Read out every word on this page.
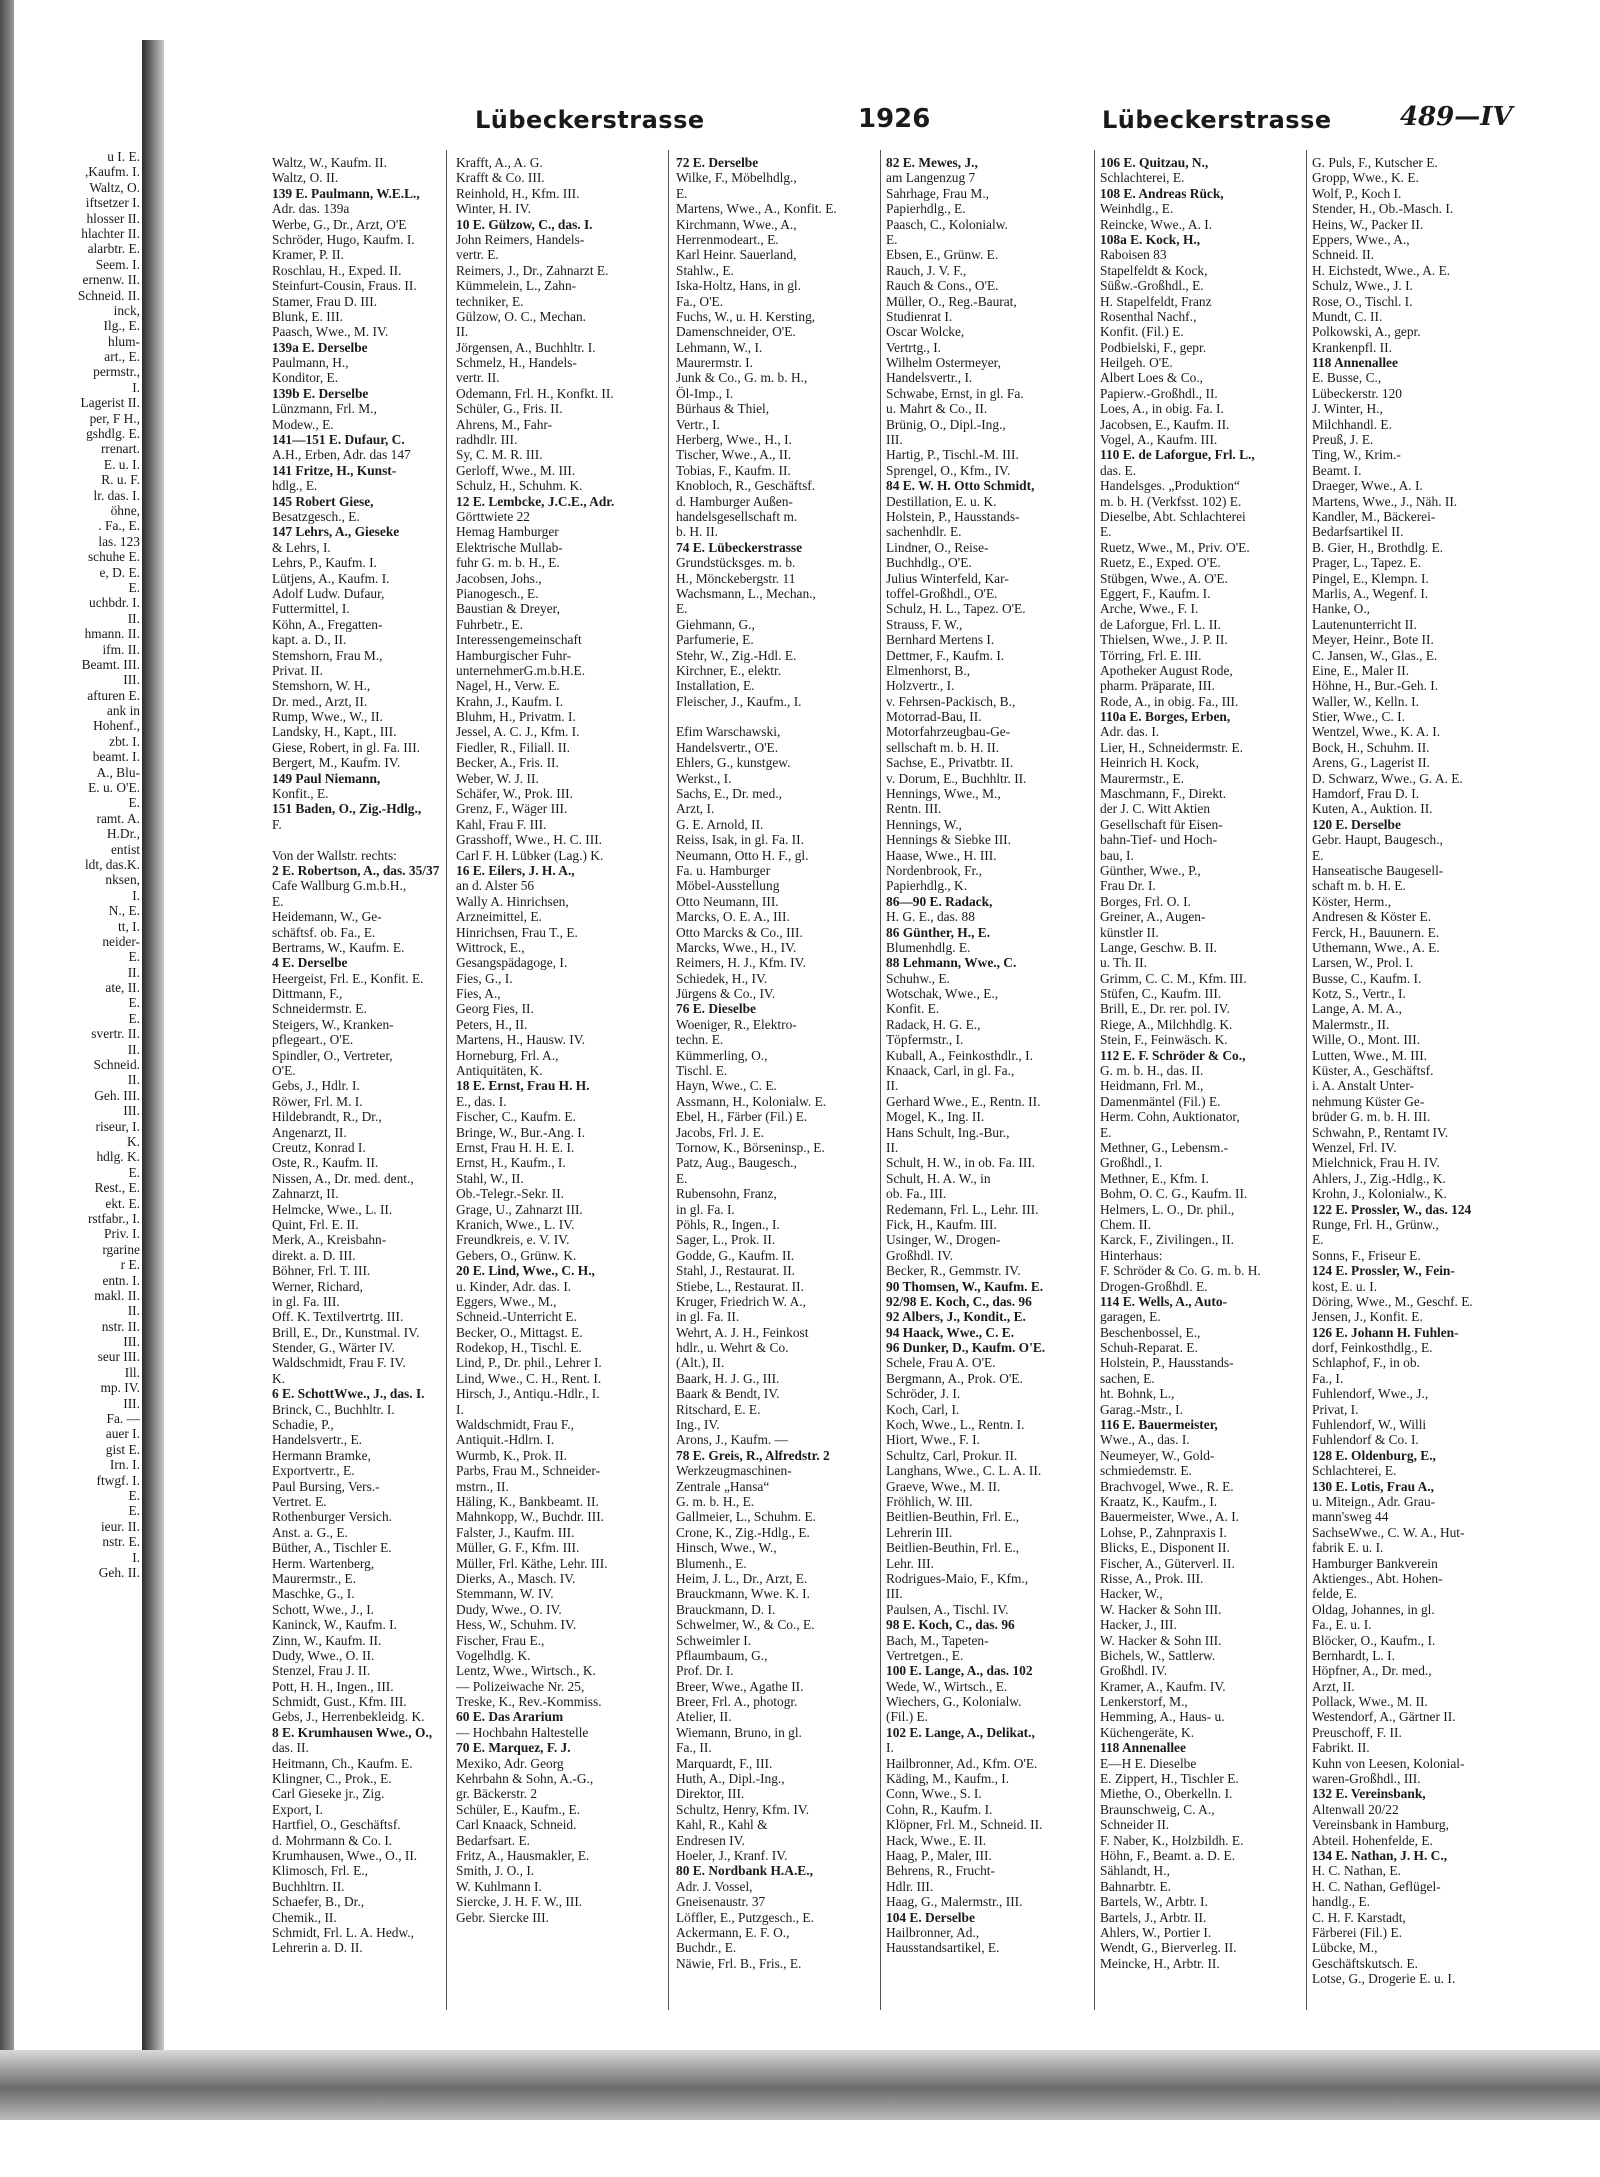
u I. E.
,Kaufm. I.
Waltz, O.
iftsetzer I.
hlosser II.
hlachter II.
alarbtr. E.
Seem. I.
ernenw. II.
Schneid. II.
inck,
Ilg., E.
hlum-
art., E.
permstr.,
I.
Lagerist II.
per, F H.,
gshdlg. E.
rrenart.
E. u. I.
R. u. F.
lr. das. I.
öhne,
. Fa., E.
las. 123
schuhe E.
e, D. E.
E.
uchbdr. I.
II.
hmann. II.
ifm. II.
Beamt. III.
III.
afturen E.
ank in
Hohenf.,
zbt. I.
beamt. I.
A., Blu-
E. u. O'E.
E.
ramt. A.
H.Dr.,
entist
ldt, das.K.
nksen,
I.
N., E.
tt, I.
neider-
E.
II.
ate, II.
E.
E.
svertr. II.
II.
Schneid.
II.
Geh. III.
III.
riseur, I.
K.
hdlg. K.
E.
Rest., E.
ekt. E.
rstfabr., I.
Priv. I.
rgarine
r E.
entn. I.
makl. II.
II.
nstr. II.
III.
seur III.
Ill.
mp. IV.
III.
Fa. —
auer I.
gist E.
Irn. I.
ftwgf. I.
E.
E.
ieur. II.
nstr. E.
I.
Geh. II.
Lübeckerstrasse	1926	Lübeckerstrasse	489—IV
Waltz, W., Kaufm. II.
Waltz, O. II.
139 E. Paulmann, W.E.L.,
Adr. das. 139a
Werbe, G., Dr., Arzt, O'E
Schröder, Hugo, Kaufm. I.
Kramer, P. II.
Roschlau, H., Exped. II.
Steinfurt-Cousin, Fraus. II.
Stamer, Frau D. III.
Blunk, E. III.
Paasch, Wwe., M. IV.
139a E. Derselbe
Paulmann, H.,
Konditor, E.
139b E. Derselbe
Lünzmann, Frl. M.,
Modew., E.
141—151 E. Dufaur, C.
A.H., Erben, Adr. das 147
141 Fritze, H., Kunst-
hdlg., E.
145 Robert Giese,
Besatzgesch., E.
147 Lehrs, A., Gieseke
& Lehrs, I.
Lehrs, P., Kaufm. I.
Lütjens, A., Kaufm. I.
Adolf Ludw. Dufaur,
Futtermittel, I.
Köhn, A., Fregatten-
kapt. a. D., II.
Stemshorn, Frau M.,
Privat. II.
Stemshorn, W. H.,
Dr. med., Arzt, II.
Rump, Wwe., W., II.
Landsky, H., Kapt., III.
Giese, Robert, in gl. Fa. III.
Bergert, M., Kaufm. IV.
149 Paul Niemann,
Konfit., E.
151 Baden, O., Zig.-Hdlg.,
F.
Von der Wallstr. rechts:
2 E. Robertson, A., das. 35/37
Cafe Wallburg G.m.b.H.,
E.
Heidemann, W., Ge-
schäftsf. ob. Fa., E.
Bertrams, W., Kaufm. E.
4 E. Derselbe
Heergeist, Frl. E., Konfit. E.
Dittmann, F.,
Schneidermstr. E.
Steigers, W., Kranken-
pflegeart., O'E.
Spindler, O., Vertreter,
O'E.
Gebs, J., Hdlr. I.
Röwer, Frl. M. I.
Hildebrandt, R., Dr.,
Angenarzt, II.
Creutz, Konrad I.
Oste, R., Kaufm. II.
Nissen, A., Dr. med. dent.,
Zahnarzt, II.
Helmcke, Wwe., L. II.
Quint, Frl. E. II.
Merk, A., Kreisbahn-
direkt. a. D. III.
Böhner, Frl. T. III.
Werner, Richard,
in gl. Fa. III.
Off. K. Textilvertrtg. III.
Brill, E., Dr., Kunstmal. IV.
Stender, G., Wärter IV.
Waldschmidt, Frau F. IV.
K.
6 E. SchottWwe., J., das. I.
Brinck, C., Buchhltr. I.
Schadie, P.,
Handelsvertr., E.
Hermann Bramke,
Exportvertr., E.
Paul Bursing, Vers.-
Vertret. E.
Rothenburger Versich.
Anst. a. G., E.
Büther, A., Tischler E.
Herm. Wartenberg,
Maurermstr., E.
Maschke, G., I.
Schott, Wwe., J., I.
Kaninck, W., Kaufm. I.
Zinn, W., Kaufm. II.
Dudy, Wwe., O. II.
Stenzel, Frau J. II.
Pott, H. H., Ingen., III.
Schmidt, Gust., Kfm. III.
Gebs, J., Herrenbekleidg. K.
8 E. Krumhausen Wwe., O.,
das. II.
Heitmann, Ch., Kaufm. E.
Klingner, C., Prok., E.
Carl Gieseke jr., Zig.
Export, I.
Hartfiel, O., Geschäftsf.
d. Mohrmann & Co. I.
Krumhausen, Wwe., O., II.
Klimosch, Frl. E.,
Buchhltrn. II.
Schaefer, B., Dr.,
Chemik., II.
Schmidt, Frl. L. A. Hedw.,
Lehrerin a. D. II.
Krafft, A., A. G.
Krafft & Co. III.
Reinhold, H., Kfm. III.
Winter, H. IV.
10 E. Gülzow, C., das. I.
John Reimers, Handels-
vertr. E.
Reimers, J., Dr., Zahnarzt E.
Kümmelein, L., Zahn-
techniker, E.
Gülzow, O. C., Mechan.
II.
Jörgensen, A., Buchhltr. I.
Schmelz, H., Handels-
vertr. II.
Odemann, Frl. H., Konfkt. II.
Schüler, G., Fris. II.
Ahrens, M., Fahr-
radhdlr. III.
Sy, C. M. R. III.
Gerloff, Wwe., M. III.
Schulz, H., Schuhm. K.
12 E. Lembcke, J.C.E., Adr.
Görttwiete 22
Hemag Hamburger
Elektrische Mullab-
fuhr G. m. b. H., E.
Jacobsen, Johs.,
Pianogesch., E.
Baustian & Dreyer,
Fuhrbetr., E.
Interessengemeinschaft
Hamburgischer Fuhr-
unternehmerG.m.b.H.E.
Nagel, H., Verw. E.
Krahn, J., Kaufm. I.
Bluhm, H., Privatm. I.
Jessel, A. C. J., Kfm. I.
Fiedler, R., Filiall. II.
Becker, A., Fris. II.
Weber, W. J. II.
Schäfer, W., Prok. III.
Grenz, F., Wäger III.
Kahl, Frau F. III.
Grasshoff, Wwe., H. C. III.
Carl F. H. Lübker (Lag.) K.
16 E. Eilers, J. H. A.,
an d. Alster 56
Wally A. Hinrichsen,
Arzneimittel, E.
Hinrichsen, Frau T., E.
Wittrock, E.,
Gesangspädagoge, I.
Fies, G., I.
Fies, A.,
Georg Fies, II.
Peters, H., II.
Martens, H., Hausw. IV.
Horneburg, Frl. A.,
Antiquitäten, K.
18 E. Ernst, Frau H. H.
E., das. I.
Fischer, C., Kaufm. E.
Bringe, W., Bur.-Ang. I.
Ernst, Frau H. H. E. I.
Ernst, H., Kaufm., I.
Stahl, W., II.
Ob.-Telegr.-Sekr. II.
Grage, U., Zahnarzt III.
Kranich, Wwe., L. IV.
Freundkreis, e. V. IV.
Gebers, O., Grünw. K.
20 E. Lind, Wwe., C. H.,
u. Kinder, Adr. das. I.
Eggers, Wwe., M.,
Schneid.-Unterricht E.
Becker, O., Mittagst. E.
Rodekop, H., Tischl. E.
Lind, P., Dr. phil., Lehrer I.
Lind, Wwe., C. H., Rent. I.
Hirsch, J., Antiqu.-Hdlr., I.
I.
Waldschmidt, Frau F.,
Antiquit.-Hdlrn. I.
Wurmb, K., Prok. II.
Parbs, Frau M., Schneider-
mstrn., II.
Häling, K., Bankbeamt. II.
Mahnkopp, W., Buchdr. III.
Falster, J., Kaufm. III.
Müller, G. F., Kfm. III.
Müller, Frl. Käthe, Lehr. III.
Dierks, A., Masch. IV.
Stemmann, W. IV.
Dudy, Wwe., O. IV.
Hess, W., Schuhm. IV.
Fischer, Frau E.,
Vogelhdlg. K.
Lentz, Wwe., Wirtsch., K.
— Polizeiwache Nr. 25,
Treske, K., Rev.-Kommiss.
60 E. Das Ararium
— Hochbahn Haltestelle
70 E. Marquez, F. J.
Mexiko, Adr. Georg
Kehrbahn & Sohn, A.-G.,
gr. Bäckerstr. 2
Schüler, E., Kaufm., E.
Carl Knaack, Schneid.
Bedarfsart. E.
Fritz, A., Hausmakler, E.
Smith, J. O., I.
W. Kuhlmann I.
Siercke, J. H. F. W., III.
Gebr. Siercke III.
72 E. Derselbe
Wilke, F., Möbelhdlg.,
E.
Martens, Wwe., A., Konfit. E.
Kirchmann, Wwe., A.,
Herrenmodeart., E.
Karl Heinr. Sauerland,
Stahlw., E.
Iska-Holtz, Hans, in gl.
Fa., O'E.
Fuchs, W., u. H. Kersting,
Damenschneider, O'E.
Lehmann, W., I.
Maurermstr. I.
Junk & Co., G. m. b. H.,
Öl-Imp., I.
Bürhaus & Thiel,
Vertr., I.
Herberg, Wwe., H., I.
Tischer, Wwe., A., II.
Tobias, F., Kaufm. II.
Knobloch, R., Geschäftsf.
d. Hamburger Außen-
handelsgesellschaft m.
b. H. II.
74 E. Lübeckerstrasse
Grundstücksges. m. b.
H., Mönckebergstr. 11
Wachsmann, L., Mechan.,
E.
Giehmann, G.,
Parfumerie, E.
Stehr, W., Zig.-Hdl. E.
Kirchner, E., elektr.
Installation, E.
Fleischer, J., Kaufm., I.
Efim Warschawski,
Handelsvertr., O'E.
Ehlers, G., kunstgew.
Werkst., I.
Sachs, E., Dr. med.,
Arzt, I.
G. E. Arnold, II.
Reiss, Isak, in gl. Fa. II.
Neumann, Otto H. F., gl.
Fa. u. Hamburger
Möbel-Ausstellung
Otto Neumann, III.
Marcks, O. E. A., III.
Otto Marcks & Co., III.
Marcks, Wwe., H., IV.
Reimers, H. J., Kfm. IV.
Schiedek, H., IV.
Jürgens & Co., IV.
76 E. Dieselbe
Woeniger, R., Elektro-
techn. E.
Kümmerling, O.,
Tischl. E.
Hayn, Wwe., C. E.
Assmann, H., Kolonialw. E.
Ebel, H., Färber (Fil.) E.
Jacobs, Frl. J. E.
Tornow, K., Börseninsp., E.
Patz, Aug., Baugesch.,
E.
Rubensohn, Franz,
in gl. Fa. I.
Pöhls, R., Ingen., I.
Sager, L., Prok. II.
Godde, G., Kaufm. II.
Stahl, J., Restaurat. II.
Stiebe, L., Restaurat. II.
Kruger, Friedrich W. A.,
in gl. Fa. II.
Wehrt, A. J. H., Feinkost
hdlr., u. Wehrt & Co.
(Alt.), II.
Baark, H. J. G., III.
Baark & Bendt, IV.
Ritschard, E. E.
Ing., IV.
Arons, J., Kaufm. —
78 E. Greis, R., Alfredstr. 2
Werkzeugmaschinen-
Zentrale „Hansa“
G. m. b. H., E.
Gallmeier, L., Schuhm. E.
Crone, K., Zig.-Hdlg., E.
Hinsch, Wwe., W.,
Blumenh., E.
Heim, J. L., Dr., Arzt, E.
Brauckmann, Wwe. K. I.
Brauckmann, D. I.
Schwelmer, W., & Co., E.
Schweimler I.
Pflaumbaum, G.,
Prof. Dr. I.
Breer, Wwe., Agathe II.
Breer, Frl. A., photogr.
Atelier, II.
Wiemann, Bruno, in gl.
Fa., II.
Marquardt, F., III.
Huth, A., Dipl.-Ing.,
Direktor, III.
Schultz, Henry, Kfm. IV.
Kahl, R., Kahl &
Endresen IV.
Hoeler, J., Kranf. IV.
80 E. Nordbank H.A.E.,
Adr. J. Vossel,
Gneisenaustr. 37
Löffler, E., Putzgesch., E.
Ackermann, E. F. O.,
Buchdr., E.
Näwie, Frl. B., Fris., E.
82 E. Mewes, J.,
am Langenzug 7
Sahrhage, Frau M.,
Papierhdlg., E.
Paasch, C., Kolonialw.
E.
Ebsen, E., Grünw. E.
Rauch, J. V. F.,
Rauch & Cons., O'E.
Müller, O., Reg.-Baurat,
Studienrat I.
Oscar Wolcke,
Vertrtg., I.
Wilhelm Ostermeyer,
Handelsvertr., I.
Schwabe, Ernst, in gl. Fa.
u. Mahrt & Co., II.
Brünig, O., Dipl.-Ing.,
III.
Hartig, P., Tischl.-M. III.
Sprengel, O., Kfm., IV.
84 E. W. H. Otto Schmidt,
Destillation, E. u. K.
Holstein, P., Hausstands-
sachenhdlr. E.
Lindner, O., Reise-
Buchhdlg., O'E.
Julius Winterfeld, Kar-
toffel-Großhdl., O'E.
Schulz, H. L., Tapez. O'E.
Strauss, F. W.,
Bernhard Mertens I.
Dettmer, F., Kaufm. I.
Elmenhorst, B.,
Holzvertr., I.
v. Fehrsen-Packisch, B.,
Motorrad-Bau, II.
Motorfahrzeugbau-Ge-
sellschaft m. b. H. II.
Sachse, E., Privatbtr. II.
v. Dorum, E., Buchhltr. II.
Hennings, Wwe., M.,
Rentn. III.
Hennings, W.,
Hennings & Siebke III.
Haase, Wwe., H. III.
Nordenbrook, Fr.,
Papierhdlg., K.
86—90 E. Radack,
H. G. E., das. 88
86 Günther, H., E.
Blumenhdlg. E.
88 Lehmann, Wwe., C.
Schuhw., E.
Wotschak, Wwe., E.,
Konfit. E.
Radack, H. G. E.,
Töpfermstr., I.
Kuball, A., Feinkosthdlr., I.
Knaack, Carl, in gl. Fa.,
II.
Gerhard Wwe., E., Rentn. II.
Mogel, K., Ing. II.
Hans Schult, Ing.-Bur.,
II.
Schult, H. W., in ob. Fa. III.
Schult, H. A. W., in
ob. Fa., III.
Redemann, Frl. L., Lehr. III.
Fick, H., Kaufm. III.
Usinger, W., Drogen-
Großhdl. IV.
Becker, R., Gemmstr. IV.
90 Thomsen, W., Kaufm. E.
92/98 E. Koch, C., das. 96
92 Albers, J., Kondit., E.
94 Haack, Wwe., C. E.
96 Dunker, D., Kaufm. O'E.
Schele, Frau A. O'E.
Bergmann, A., Prok. O'E.
Schröder, J. I.
Koch, Carl, I.
Koch, Wwe., L., Rentn. I.
Hiort, Wwe., F. I.
Schultz, Carl, Prokur. II.
Langhans, Wwe., C. L. A. II.
Graeve, Wwe., M. II.
Fröhlich, W. III.
Beitlien-Beuthin, Frl. E.,
Lehrerin III.
Beitlien-Beuthin, Frl. E.,
Lehr. III.
Rodrigues-Maio, F., Kfm.,
III.
Paulsen, A., Tischl. IV.
98 E. Koch, C., das. 96
Bach, M., Tapeten-
Vertretgen., E.
100 E. Lange, A., das. 102
Wede, W., Wirtsch., E.
Wiechers, G., Kolonialw.
(Fil.) E.
102 E. Lange, A., Delikat.,
I.
Hailbronner, Ad., Kfm. O'E.
Käding, M., Kaufm., I.
Conn, Wwe., S. I.
Cohn, R., Kaufm. I.
Klöpner, Frl. M., Schneid. II.
Hack, Wwe., E. II.
Haag, P., Maler, III.
Behrens, R., Frucht-
Hdlr. III.
Haag, G., Malermstr., III.
104 E. Derselbe
Hailbronner, Ad.,
Hausstandsartikel, E.
106 E. Quitzau, N.,
Schlachterei, E.
108 E. Andreas Rück,
Weinhdlg., E.
Reincke, Wwe., A. I.
108a E. Kock, H.,
Raboisen 83
Stapelfeldt & Kock,
Süßw.-Großhdl., E.
H. Stapelfeldt, Franz
Rosenthal Nachf.,
Konfit. (Fil.) E.
Podbielski, F., gepr.
Heilgeh. O'E.
Albert Loes & Co.,
Papierw.-Großhdl., II.
Loes, A., in obig. Fa. I.
Jacobsen, E., Kaufm. II.
Vogel, A., Kaufm. III.
110 E. de Laforgue, Frl. L.,
das. E.
Handelsges. „Produktion“
m. b. H. (Verkfsst. 102) E.
Dieselbe, Abt. Schlachterei
E.
Ruetz, Wwe., M., Priv. O'E.
Ruetz, E., Exped. O'E.
Stübgen, Wwe., A. O'E.
Eggert, F., Kaufm. I.
Arche, Wwe., F. I.
de Laforgue, Frl. L. II.
Thielsen, Wwe., J. P. II.
Törring, Frl. E. III.
Apotheker August Rode,
pharm. Präparate, III.
Rode, A., in obig. Fa., III.
110a E. Borges, Erben,
Adr. das. I.
Lier, H., Schneidermstr. E.
Heinrich H. Kock,
Maurermstr., E.
Maschmann, F., Direkt.
der J. C. Witt Aktien
Gesellschaft für Eisen-
bahn-Tief- und Hoch-
bau, I.
Günther, Wwe., P.,
Frau Dr. I.
Borges, Frl. O. I.
Greiner, A., Augen-
künstler II.
Lange, Geschw. B. II.
u. Th. II.
Grimm, C. C. M., Kfm. III.
Stüfen, C., Kaufm. III.
Brill, E., Dr. rer. pol. IV.
Riege, A., Milchhdlg. K.
Stein, F., Feinwäsch. K.
112 E. F. Schröder & Co.,
G. m. b. H., das. II.
Heidmann, Frl. M.,
Damenmäntel (Fil.) E.
Herm. Cohn, Auktionator,
E.
Methner, G., Lebensm.-
Großhdl., I.
Methner, E., Kfm. I.
Bohm, O. C. G., Kaufm. II.
Helmers, L. O., Dr. phil.,
Chem. II.
Karck, F., Zivilingen., II.
Hinterhaus:
F. Schröder & Co. G. m. b. H.
Drogen-Großhdl. E.
114 E. Wells, A., Auto-
garagen, E.
Beschenbossel, E.,
Schuh-Reparat. E.
Holstein, P., Hausstands-
sachen, E.
ht. Bohnk, L.,
Garag.-Mstr., I.
116 E. Bauermeister,
Wwe., A., das. I.
Neumeyer, W., Gold-
schmiedemstr. E.
Brachvogel, Wwe., R. E.
Kraatz, K., Kaufm., I.
Bauermeister, Wwe., A. I.
Lohse, P., Zahnpraxis I.
Blicks, E., Disponent II.
Fischer, A., Güterverl. II.
Risse, A., Prok. III.
Hacker, W.,
W. Hacker & Sohn III.
Hacker, J., III.
W. Hacker & Sohn III.
Bichels, W., Sattlerw.
Großhdl. IV.
Kramer, A., Kaufm. IV.
Lenkerstorf, M.,
Hemming, A., Haus- u.
Küchengeräte, K.
118 Annenallee
E—H E. Dieselbe
E. Zippert, H., Tischler E.
Miethe, O., Oberkelln. I.
Braunschweig, C. A.,
Schneider II.
F. Naber, K., Holzbildh. E.
Höhn, F., Beamt. a. D. E.
Sählandt, H.,
Bahnarbtr. E.
Bartels, W., Arbtr. I.
Bartels, J., Arbtr. II.
Ahlers, W., Portier I.
Wendt, G., Bierverleg. II.
Meincke, H., Arbtr. II.
G. Puls, F., Kutscher E.
Gropp, Wwe., K. E.
Wolf, P., Koch I.
Stender, H., Ob.-Masch. I.
Heins, W., Packer II.
Eppers, Wwe., A.,
Schneid. II.
H. Eichstedt, Wwe., A. E.
Schulz, Wwe., J. I.
Rose, O., Tischl. I.
Mundt, C. II.
Polkowski, A., gepr.
Krankenpfl. II.
118 Annenallee
E. Busse, C.,
Lübeckerstr. 120
J. Winter, H.,
Milchhandl. E.
Preuß, J. E.
Ting, W., Krim.-
Beamt. I.
Draeger, Wwe., A. I.
Martens, Wwe., J., Näh. II.
Kandler, M., Bäckerei-
Bedarfsartikel II.
B. Gier, H., Brothdlg. E.
Prager, L., Tapez. E.
Pingel, E., Klempn. I.
Marlis, A., Wegenf. I.
Hanke, O.,
Lautenunterricht II.
Meyer, Heinr., Bote II.
C. Jansen, W., Glas., E.
Eine, E., Maler II.
Höhne, H., Bur.-Geh. I.
Waller, W., Kelln. I.
Stier, Wwe., C. I.
Wentzel, Wwe., K. A. I.
Bock, H., Schuhm. II.
Arens, G., Lagerist II.
D. Schwarz, Wwe., G. A. E.
Hamdorf, Frau D. I.
Kuten, A., Auktion. II.
120 E. Derselbe
Gebr. Haupt, Baugesch.,
E.
Hanseatische Baugesell-
schaft m. b. H. E.
Köster, Herm.,
Andresen & Köster E.
Ferck, H., Bauunern. E.
Uthemann, Wwe., A. E.
Larsen, W., Prol. I.
Busse, C., Kaufm. I.
Kotz, S., Vertr., I.
Lange, A. M. A.,
Malermstr., II.
Wille, O., Mont. III.
Lutten, Wwe., M. III.
Küster, A., Geschäftsf.
i. A. Anstalt Unter-
nehmung Küster Ge-
brüder G. m. b. H. III.
Schwahn, P., Rentamt IV.
Wenzel, Frl. IV.
Mielchnick, Frau H. IV.
Ahlers, J., Zig.-Hdlg., K.
Krohn, J., Kolonialw., K.
122 E. Prossler, W., das. 124
Runge, Frl. H., Grünw.,
E.
Sonns, F., Friseur E.
124 E. Prossler, W., Fein-
kost, E. u. I.
Döring, Wwe., M., Geschf. E.
Jensen, J., Konfit. E.
126 E. Johann H. Fuhlen-
dorf, Feinkosthdlg., E.
Schlaphof, F., in ob.
Fa., I.
Fuhlendorf, Wwe., J.,
Privat, I.
Fuhlendorf, W., Willi
Fuhlendorf & Co. I.
128 E. Oldenburg, E.,
Schlachterei, E.
130 E. Lotis, Frau A.,
u. Miteign., Adr. Grau-
mann'sweg 44
SachseWwe., C. W. A., Hut-
fabrik E. u. I.
Hamburger Bankverein
Aktienges., Abt. Hohen-
felde, E.
Oldag, Johannes, in gl.
Fa., E. u. I.
Blöcker, O., Kaufm., I.
Bernhardt, L. I.
Höpfner, A., Dr. med.,
Arzt, II.
Pollack, Wwe., M. II.
Westendorf, A., Gärtner II.
Preuschoff, F. II.
Fabrikt. II.
Kuhn von Leesen, Kolonial-
waren-Großhdl., III.
132 E. Vereinsbank,
Altenwall 20/22
Vereinsbank in Hamburg,
Abteil. Hohenfelde, E.
134 E. Nathan, J. H. C.,
H. C. Nathan, E.
H. C. Nathan, Geflügel-
handlg., E.
C. H. F. Karstadt,
Färberei (Fil.) E.
Lübcke, M.,
Geschäftskutsch. E.
Lotse, G., Drogerie E. u. I.
